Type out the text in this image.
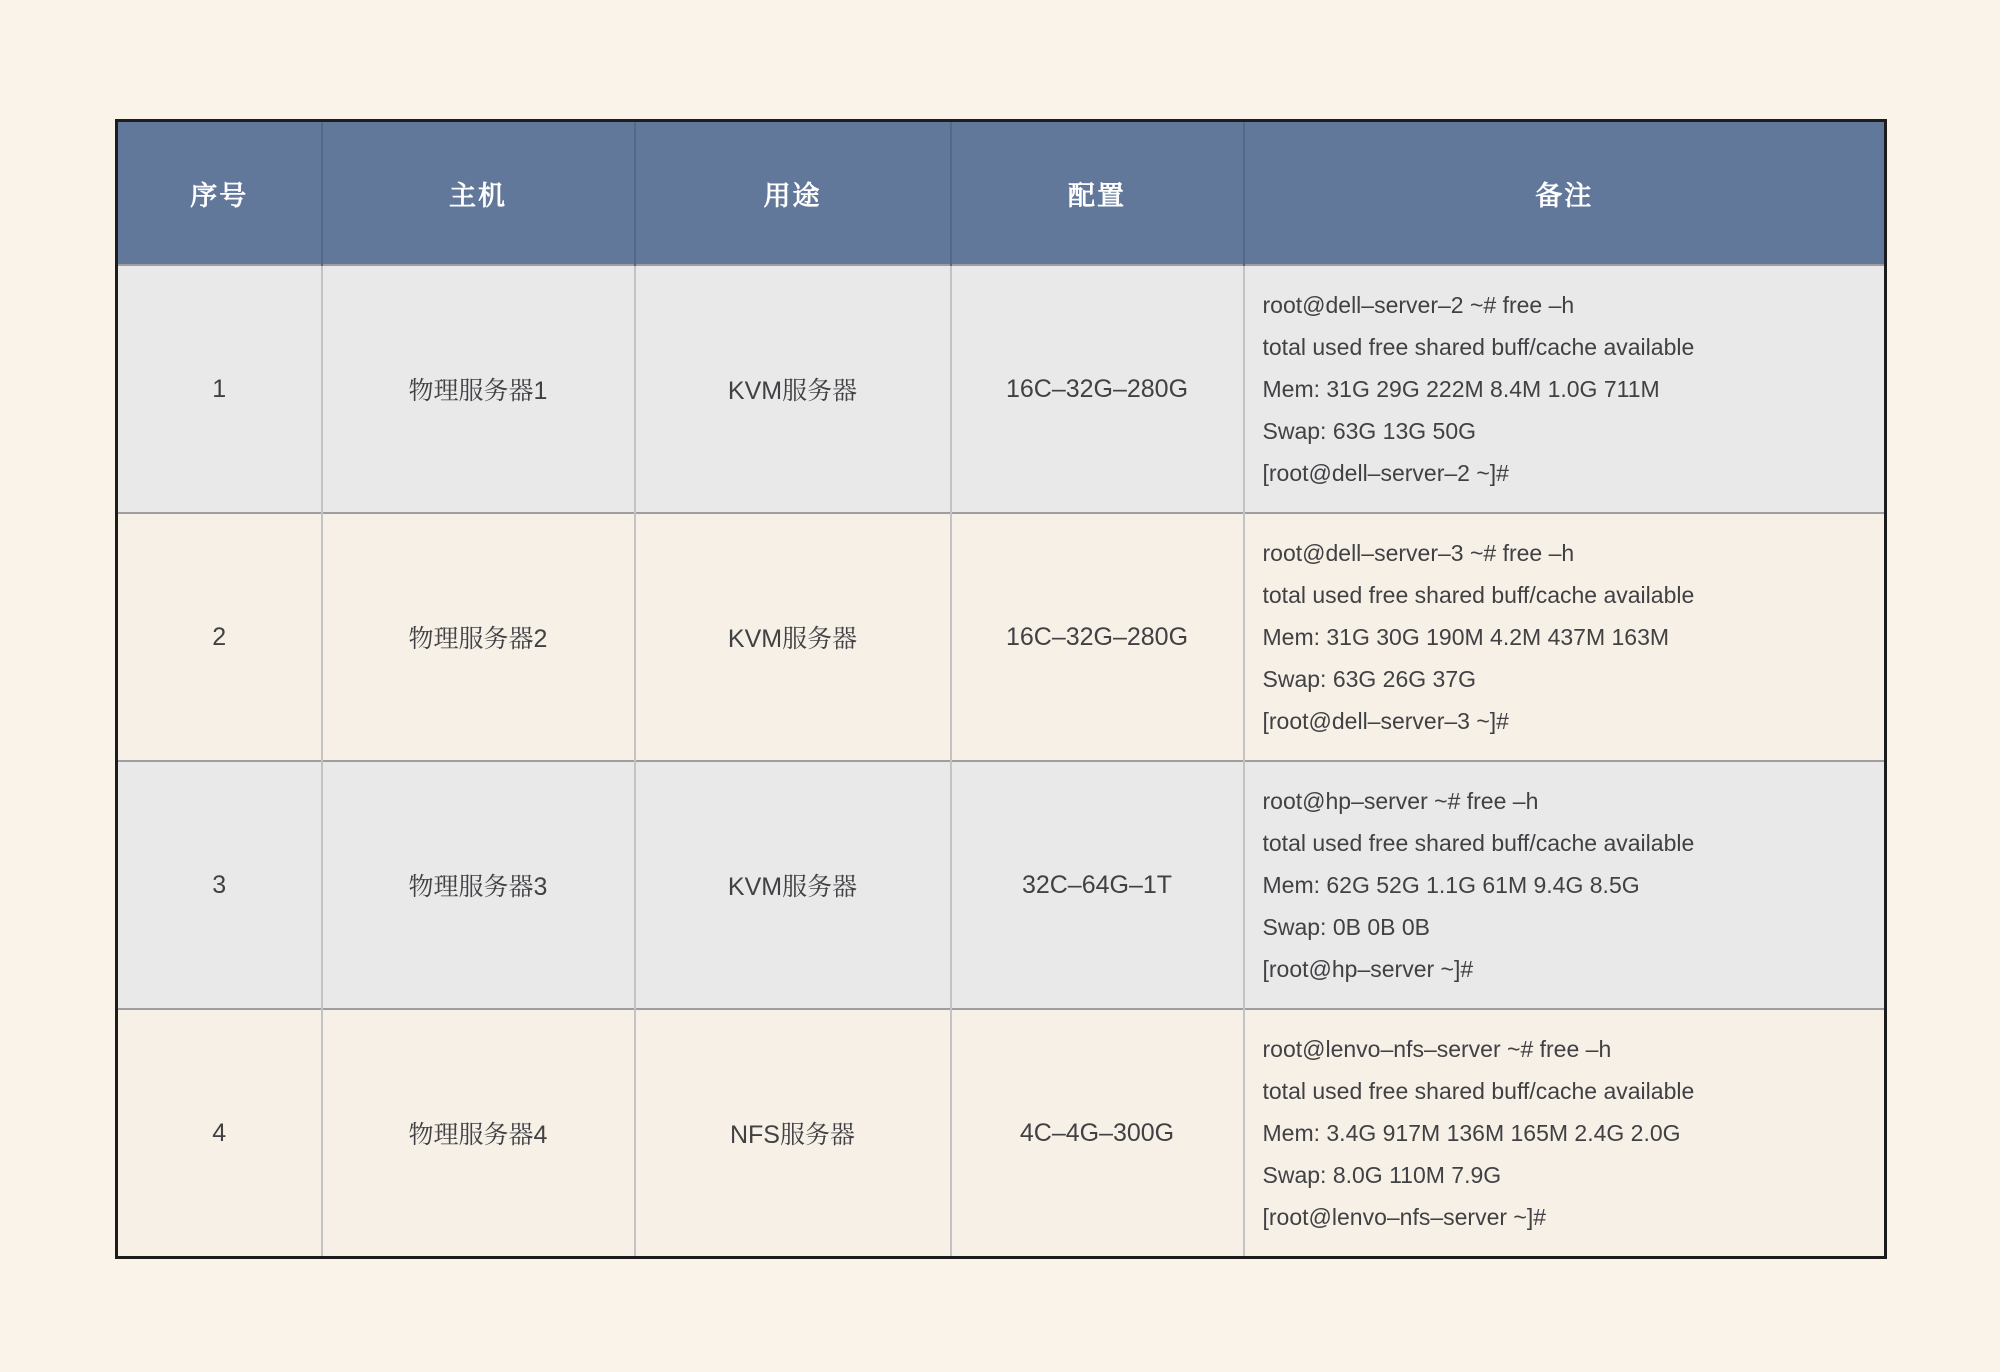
序号	主机	用途	配置	备注
1	物理服务器1	KVM服务器	16C–32G–280G	root@dell–server–2 ~# free –h
total used free shared buff/cache available
Mem: 31G 29G 222M 8.4M 1.0G 711M
Swap: 63G 13G 50G
[root@dell–server–2 ~]#

2	物理服务器2	KVM服务器	16C–32G–280G	root@dell–server–3 ~# free –h
total used free shared buff/cache available
Mem: 31G 30G 190M 4.2M 437M 163M
Swap: 63G 26G 37G
[root@dell–server–3 ~]#

3	物理服务器3	KVM服务器	32C–64G–1T	root@hp–server ~# free –h
total used free shared buff/cache available
Mem: 62G 52G 1.1G 61M 9.4G 8.5G
Swap: 0B 0B 0B
[root@hp–server ~]#

4	物理服务器4	NFS服务器	4C–4G–300G	root@lenvo–nfs–server ~# free –h
total used free shared buff/cache available
Mem: 3.4G 917M 136M 165M 2.4G 2.0G
Swap: 8.0G 110M 7.9G
[root@lenvo–nfs–server ~]#
